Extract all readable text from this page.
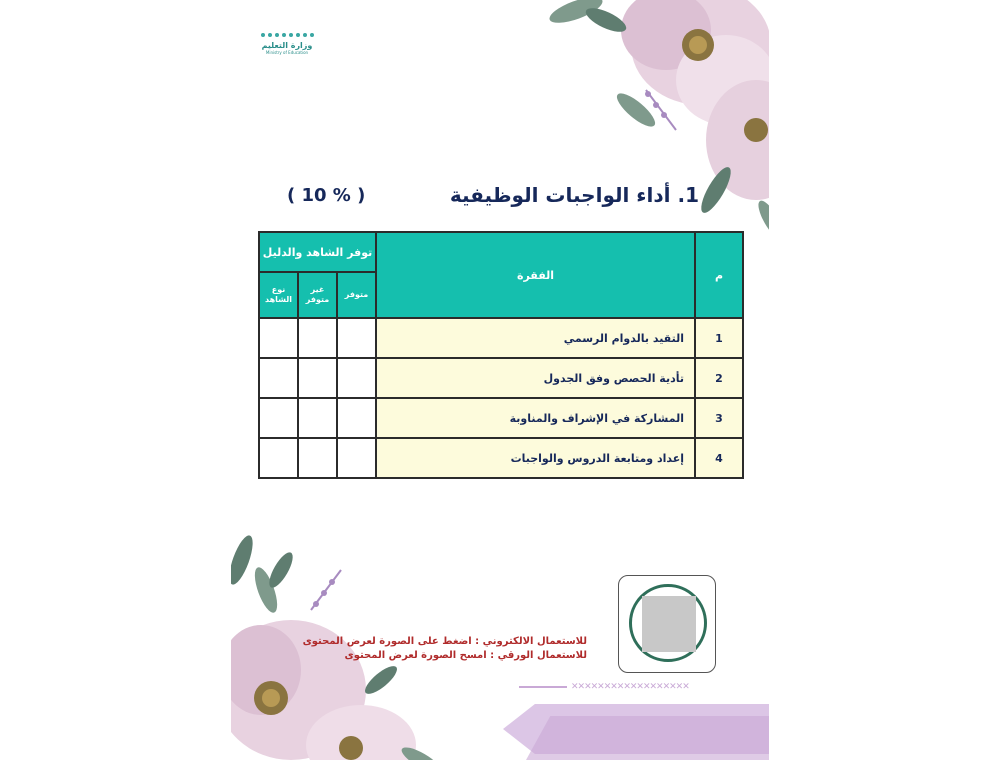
وزارة التعليم
Ministry of Education
1. أداء الواجبات الوظيفية
( 10 % )
م	الفقرة	توفر الشاهد والدليل		
		متوفر	غير متوفر	نوع الشاهد
1	التقيد بالدوام الرسمي			
2	تأدية الحصص وفق الجدول			
3	المشاركة في الإشراف والمناوبة			
4	إعداد ومتابعة الدروس والواجبات			
للاستعمال الالكتروني : اضغط على الصورة لعرض المحتوى
للاستعمال الورقي : امسح الصورة لعرض المحتوى
✕✕✕✕✕✕✕✕✕✕✕✕✕✕✕✕✕✕
